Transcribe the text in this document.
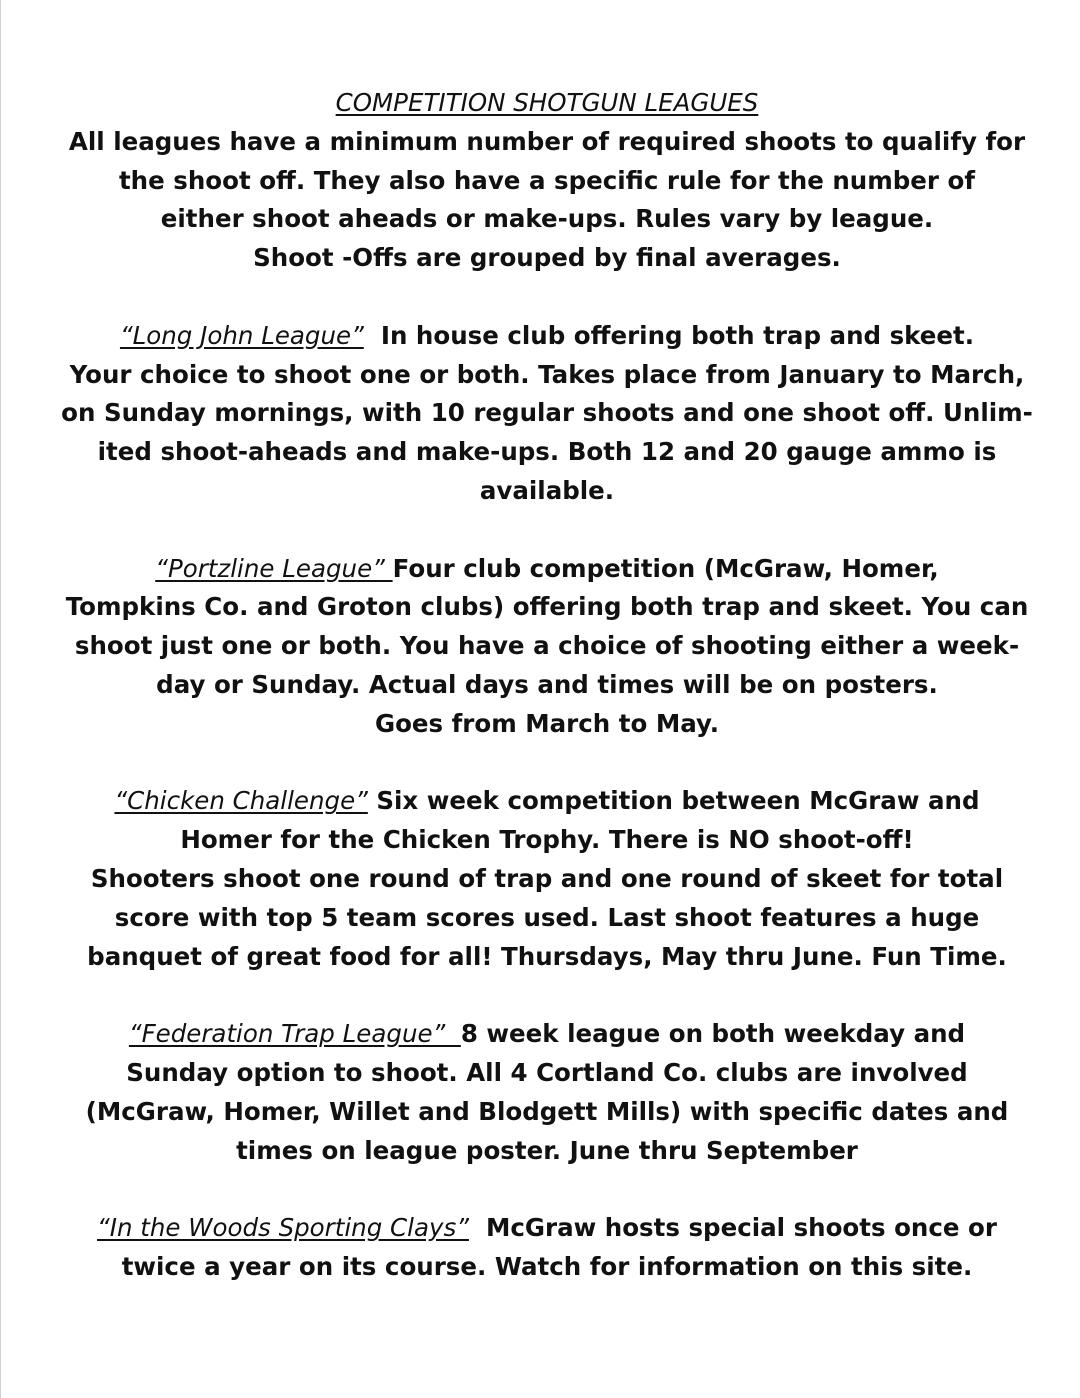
COMPETITION SHOTGUN LEAGUES
All leagues have a minimum number of required shoots to qualify for
the shoot off. They also have a specific rule for the number of
either shoot aheads or make-ups. Rules vary by league.
Shoot -Offs are grouped by final averages.
“Long John League”  In house club offering both trap and skeet.
Your choice to shoot one or both. Takes place from January to March,
on Sunday mornings, with 10 regular shoots and one shoot off. Unlim-
ited shoot-aheads and make-ups. Both 12 and 20 gauge ammo is
available.
“Portzline League” Four club competition (McGraw, Homer,
Tompkins Co. and Groton clubs) offering both trap and skeet. You can
shoot just one or both. You have a choice of shooting either a week-
day or Sunday. Actual days and times will be on posters.
Goes from March to May.
“Chicken Challenge” Six week competition between McGraw and
Homer for the Chicken Trophy. There is NO shoot-off!
Shooters shoot one round of trap and one round of skeet for total
score with top 5 team scores used. Last shoot features a huge
banquet of great food for all! Thursdays, May thru June. Fun Time.
“Federation Trap League”  8 week league on both weekday and
Sunday option to shoot. All 4 Cortland Co. clubs are involved
(McGraw, Homer, Willet and Blodgett Mills) with specific dates and
times on league poster. June thru September
“In the Woods Sporting Clays”  McGraw hosts special shoots once or
twice a year on its course. Watch for information on this site.
